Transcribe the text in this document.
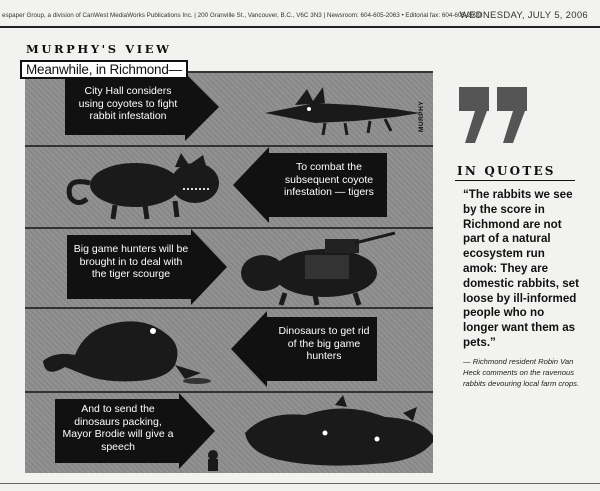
espaper Group, a division of CanWest MediaWorks Publications Inc. | 200 Granville St., Vancouver, B.C., V6C 3N3 | Newsroom: 604-605-2063 • Editorial fax: 604-605-2099
WEDNESDAY, JULY 5, 2006
MURPHY'S VIEW
Meanwhile, in Richmond—
City Hall considers using coyotes to fight rabbit infestation
To combat the subsequent coyote infestation — tigers
Big game hunters will be brought in to deal with the tiger scourge
Dinosaurs to get rid of the big game hunters
And to send the dinosaurs packing, Mayor Brodie will give a speech
MURPHY
IN QUOTES
“The rabbits we see by the score in Richmond are not part of a natural ecosystem run amok: They are domestic rabbits, set loose by ill-informed people who no longer want them as pets.”
— Richmond resident Robin Van Heck comments on the ravenous rabbits devouring local farm crops.
